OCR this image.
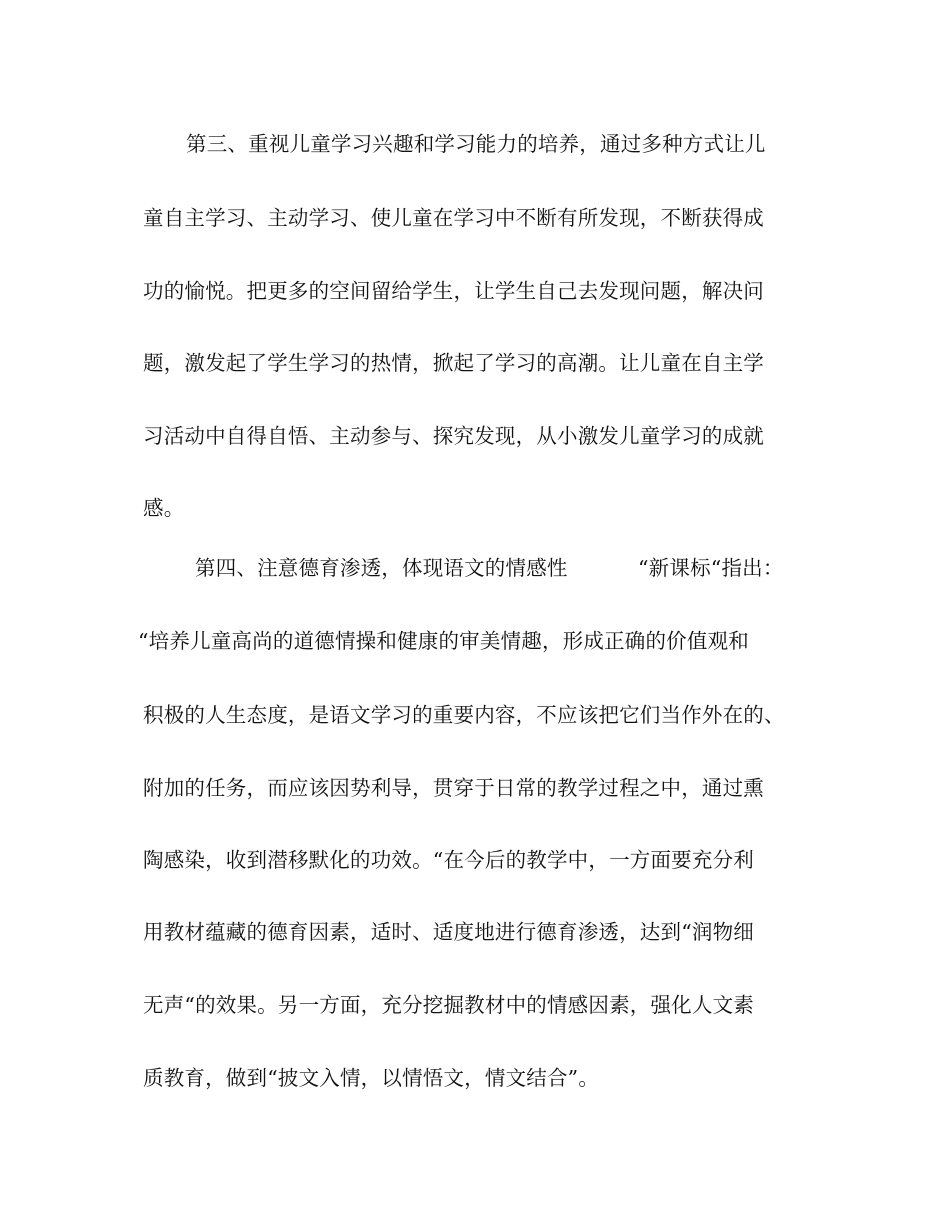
第三、重视儿童学习兴趣和学习能力的培养，通过多种方式让儿
童自主学习、主动学习、使儿童在学习中不断有所发现，不断获得成
功的愉悦。把更多的空间留给学生，让学生自己去发现问题，解决问
题，激发起了学生学习的热情，掀起了学习的高潮。让儿童在自主学
习活动中自得自悟、主动参与、探究发现，从小激发儿童学习的成就
感。
第四、注意德育渗透，体现语文的情感性	“新课标“指出：
“培养儿童高尚的道德情操和健康的审美情趣，形成正确的价值观和
积极的人生态度，是语文学习的重要内容，不应该把它们当作外在的、
附加的任务，而应该因势利导，贯穿于日常的教学过程之中，通过熏
陶感染，收到潜移默化的功效。“在今后的教学中，一方面要充分利
用教材蕴藏的德育因素，适时、适度地进行德育渗透，达到“润物细
无声“的效果。另一方面，充分挖掘教材中的情感因素，强化人文素
质教育，做到“披文入情，以情悟文，情文结合”。
